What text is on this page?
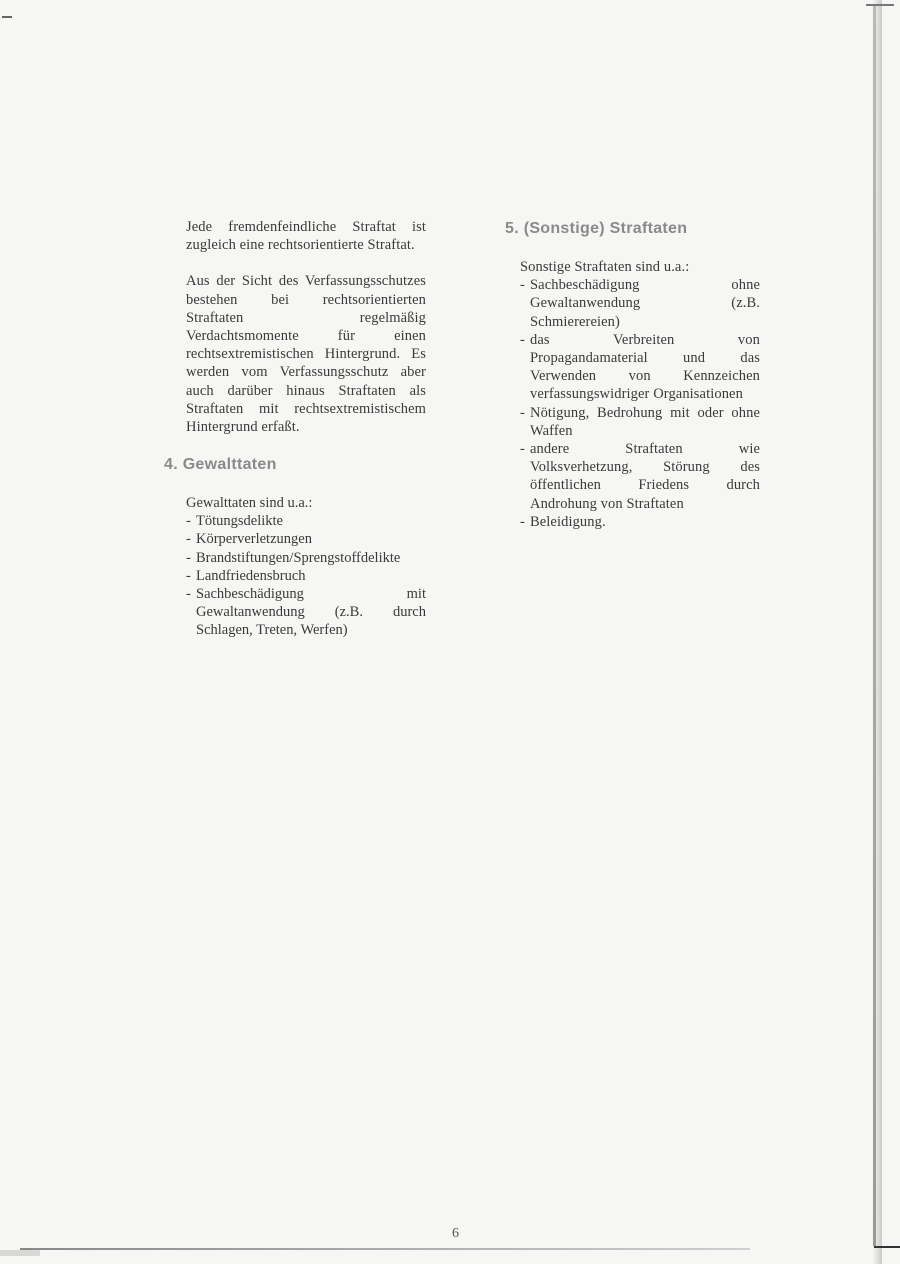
Jede fremdenfeindliche Straftat ist zugleich eine rechtsorientierte Straftat.

Aus der Sicht des Verfassungsschutzes bestehen bei rechtsorientierten Straftaten regelmäßig Verdachtsmomente für einen rechtsextremistischen Hintergrund. Es werden vom Verfassungsschutz aber auch darüber hinaus Straftaten als Straftaten mit rechtsextremistischem Hintergrund erfaßt.

4. Gewalttaten

Gewalttaten sind u.a.:

- Tötungsdelikte
- Körperverletzungen
- Brandstiftungen/Sprengstoffdelikte
- Landfriedensbruch
- Sachbeschädigung mit Gewaltanwendung (z.B. durch Schlagen, Treten, Werfen)
5. (Sonstige) Straftaten

Sonstige Straftaten sind u.a.:

- Sachbeschädigung ohne Gewaltanwendung (z.B. Schmierereien)
- das Verbreiten von Propagandamaterial und das Verwenden von Kennzeichen verfassungswidriger Organisationen
- Nötigung, Bedrohung mit oder ohne Waffen
- andere Straftaten wie Volksverhetzung, Störung des öffentlichen Friedens durch Androhung von Straftaten
- Beleidigung.
6
